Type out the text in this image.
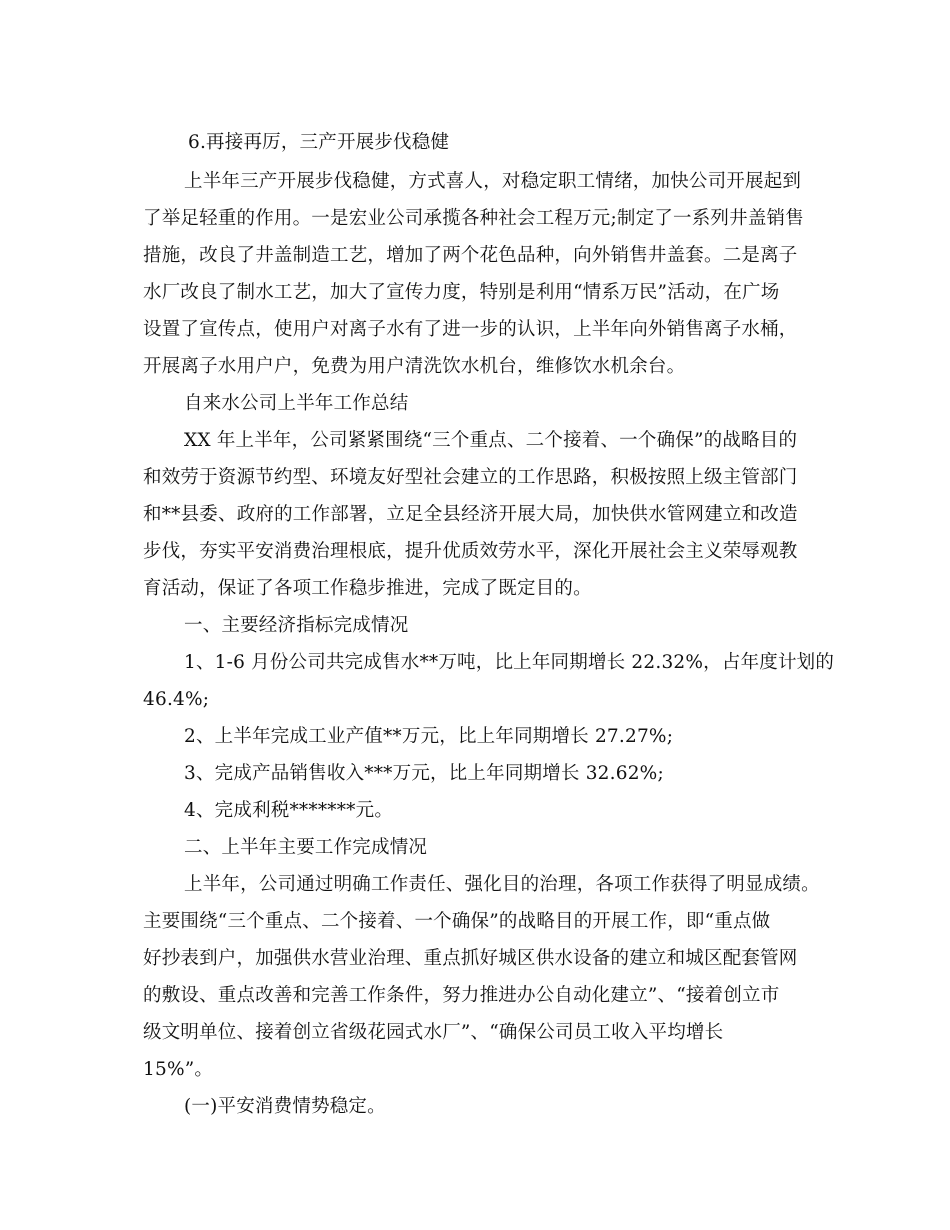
6.再接再厉，三产开展步伐稳健
上半年三产开展步伐稳健，方式喜人，对稳定职工情绪，加快公司开展起到
了举足轻重的作用。一是宏业公司承揽各种社会工程万元;制定了一系列井盖销售
措施，改良了井盖制造工艺，增加了两个花色品种，向外销售井盖套。二是离子
水厂改良了制水工艺，加大了宣传力度，特别是利用“情系万民”活动，在广场
设置了宣传点，使用户对离子水有了进一步的认识，上半年向外销售离子水桶，
开展离子水用户户，免费为用户清洗饮水机台，维修饮水机余台。
自来水公司上半年工作总结
XX 年上半年，公司紧紧围绕“三个重点、二个接着、一个确保”的战略目的
和效劳于资源节约型、环境友好型社会建立的工作思路，积极按照上级主管部门
和**县委、政府的工作部署，立足全县经济开展大局，加快供水管网建立和改造
步伐，夯实平安消费治理根底，提升优质效劳水平，深化开展社会主义荣辱观教
育活动，保证了各项工作稳步推进，完成了既定目的。
一、主要经济指标完成情况
1、1-6 月份公司共完成售水**万吨，比上年同期增长 22.32%，占年度计划的
46.4%;
2、上半年完成工业产值**万元，比上年同期增长 27.27%;
3、完成产品销售收入***万元，比上年同期增长 32.62%;
4、完成利税*******元。
二、上半年主要工作完成情况
上半年，公司通过明确工作责任、强化目的治理，各项工作获得了明显成绩。
主要围绕“三个重点、二个接着、一个确保”的战略目的开展工作，即“重点做
好抄表到户，加强供水营业治理、重点抓好城区供水设备的建立和城区配套管网
的敷设、重点改善和完善工作条件，努力推进办公自动化建立”、“接着创立市
级文明单位、接着创立省级花园式水厂”、“确保公司员工收入平均增长
15%”。
(一)平安消费情势稳定。
